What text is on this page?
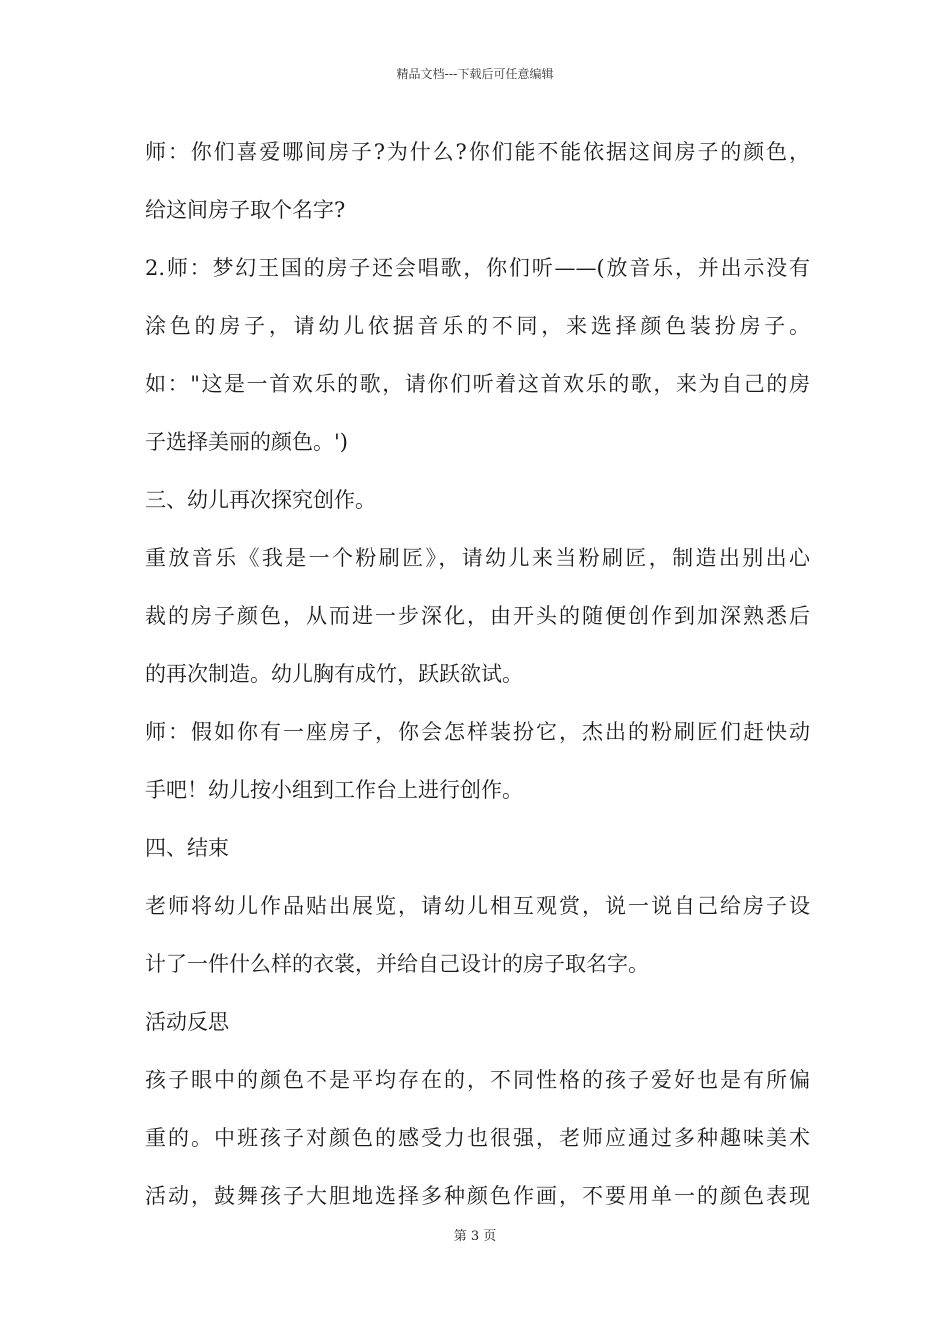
精品文档---下载后可任意编辑
师：你们喜爱哪间房子?为什么?你们能不能依据这间房子的颜色，
给这间房子取个名字?
2.师：梦幻王国的房子还会唱歌，你们听——(放音乐，并出示没有
涂色的房子，请幼儿依据音乐的不同，来选择颜色装扮房子。
如："这是一首欢乐的歌，请你们听着这首欢乐的歌，来为自己的房
子选择美丽的颜色。')
三、幼儿再次探究创作。
重放音乐《我是一个粉刷匠》，请幼儿来当粉刷匠，制造出别出心
裁的房子颜色，从而进一步深化，由开头的随便创作到加深熟悉后
的再次制造。幼儿胸有成竹，跃跃欲试。
师：假如你有一座房子，你会怎样装扮它，杰出的粉刷匠们赶快动
手吧！幼儿按小组到工作台上进行创作。
四、结束
老师将幼儿作品贴出展览，请幼儿相互观赏，说一说自己给房子设
计了一件什么样的衣裳，并给自己设计的房子取名字。
活动反思
孩子眼中的颜色不是平均存在的，不同性格的孩子爱好也是有所偏
重的。中班孩子对颜色的感受力也很强，老师应通过多种趣味美术
活动，鼓舞孩子大胆地选择多种颜色作画，不要用单一的颜色表现
第 3 页
